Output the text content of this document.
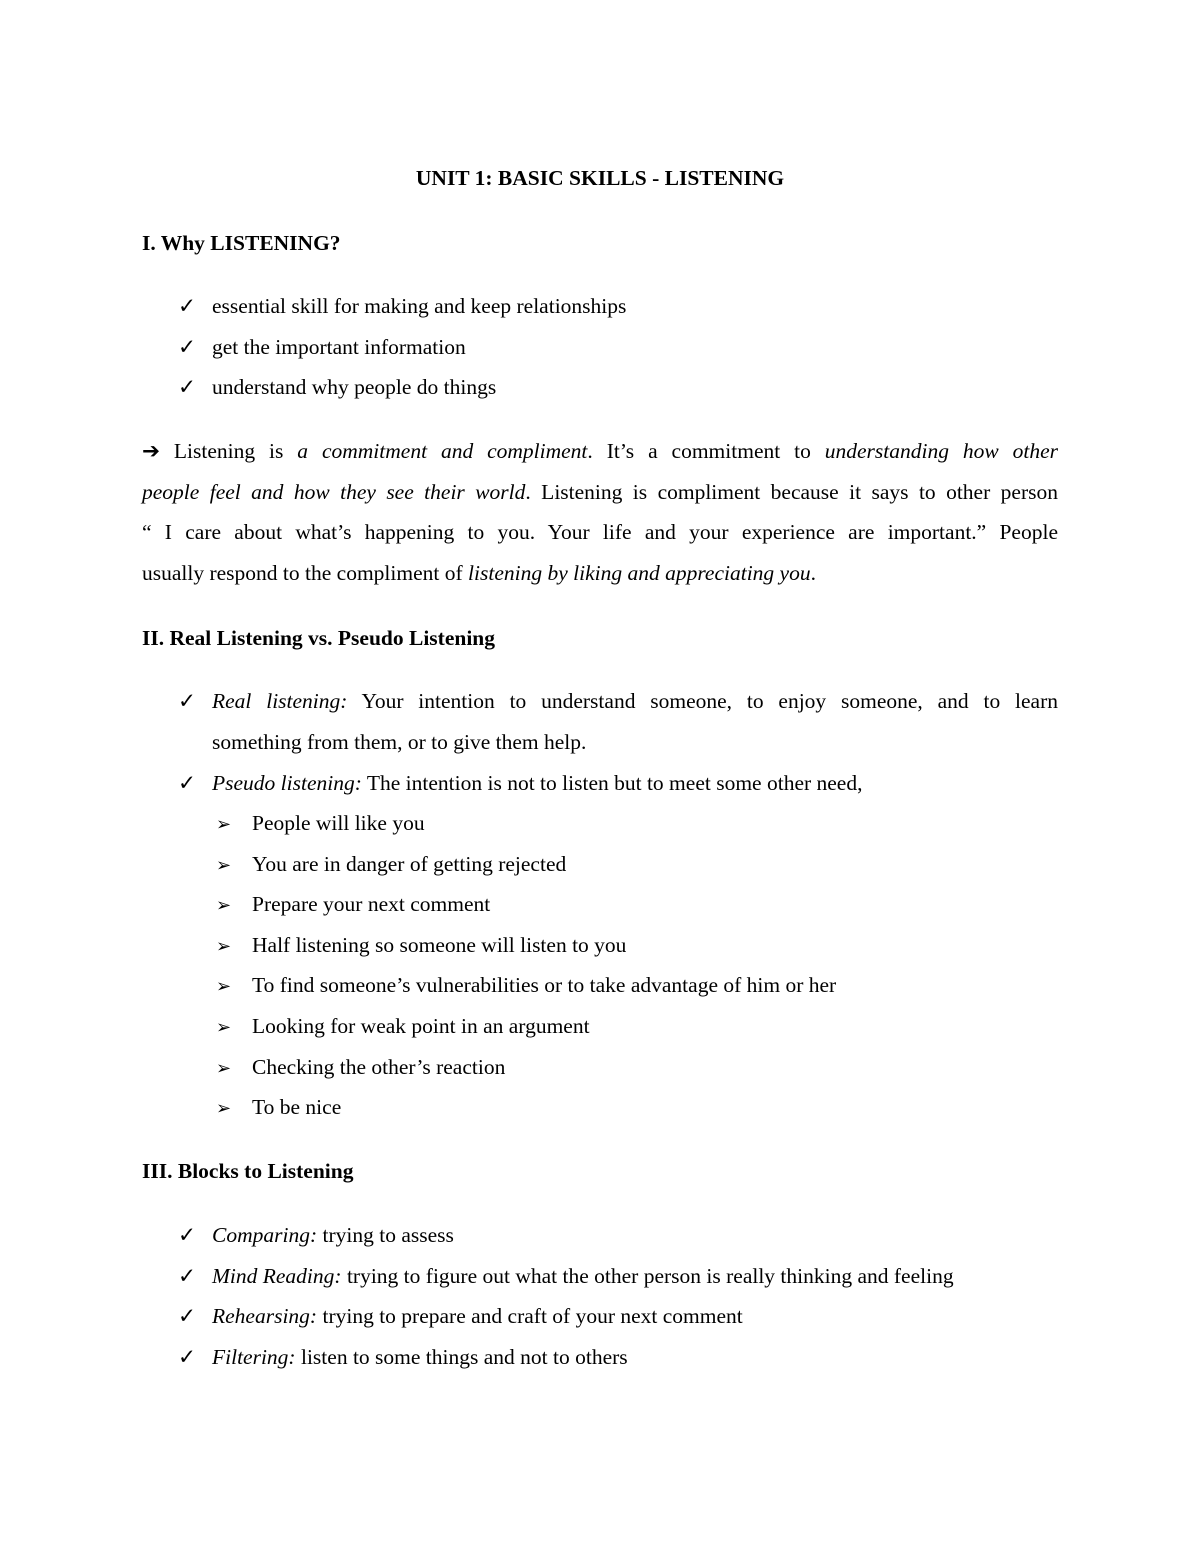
UNIT 1: BASIC SKILLS - LISTENING
I. Why LISTENING?
✓ essential skill for making and keep relationships
✓ get the important information
✓ understand why people do things
➔ Listening is a commitment and compliment. It’s a commitment to understanding how other
people feel and how they see their world. Listening is compliment because it says to other person
“ I care about what’s happening to you. Your life and your experience are important.” People
usually respond to the compliment of listening by liking and appreciating you.
II. Real Listening vs. Pseudo Listening
✓ Real listening: Your intention to understand someone, to enjoy someone, and to learn
something from them, or to give them help.
✓ Pseudo listening: The intention is not to listen but to meet some other need,
➢ People will like you
➢ You are in danger of getting rejected
➢ Prepare your next comment
➢ Half listening so someone will listen to you
➢ To find someone’s vulnerabilities or to take advantage of him or her
➢ Looking for weak point in an argument
➢ Checking the other’s reaction
➢ To be nice
III. Blocks to Listening
✓ Comparing: trying to assess
✓ Mind Reading: trying to figure out what the other person is really thinking and feeling
✓ Rehearsing: trying to prepare and craft of your next comment
✓ Filtering: listen to some things and not to others
